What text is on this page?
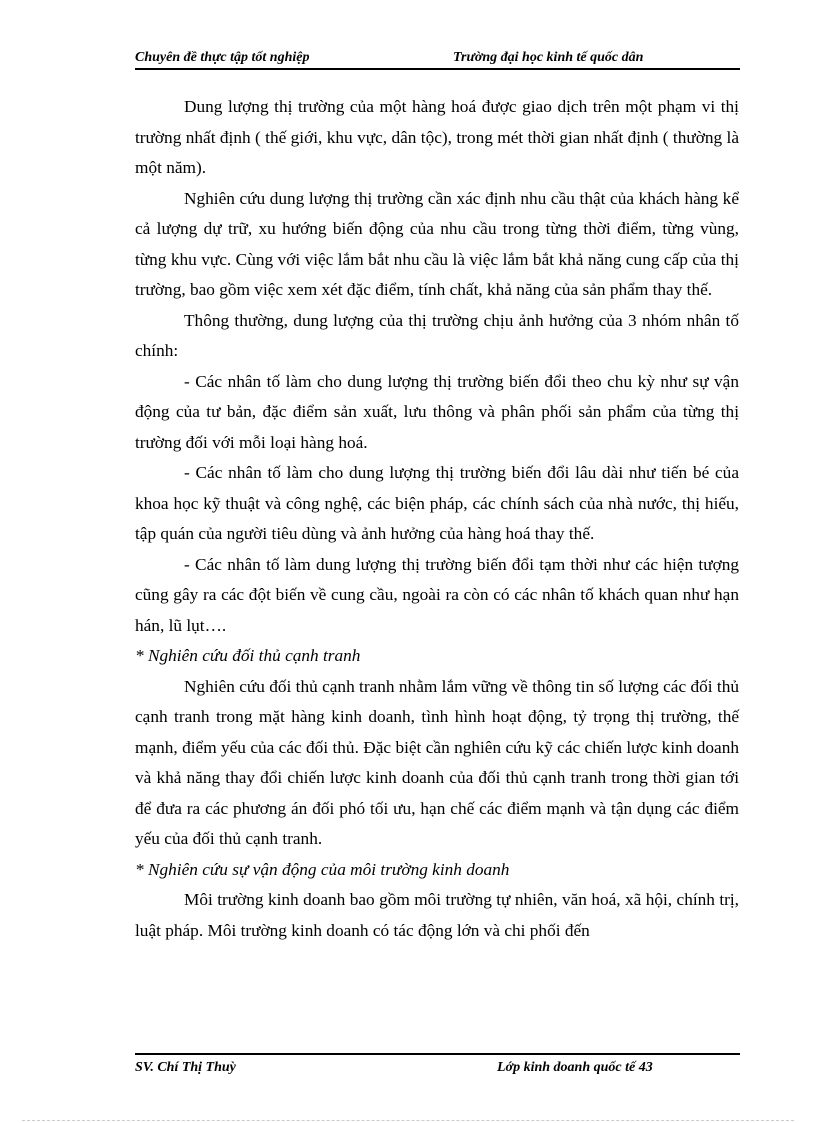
Chuyên đề thực tập tốt nghiệp	Trường đại học kinh tế quốc dân

Dung lượng thị trường của một hàng hoá được giao dịch trên một phạm vi thị trường nhất định ( thế giới, khu vực, dân tộc), trong mét thời gian nhất định ( thường là một năm).

Nghiên cứu dung lượng thị trường cần xác định nhu cầu thật của khách hàng kể cả lượng dự trữ, xu hướng biến động của nhu cầu trong từng thời điểm, từng vùng, từng khu vực. Cùng với việc lắm bắt nhu cầu là việc lắm bắt khả năng cung cấp của thị trường, bao gồm việc xem xét đặc điểm, tính chất, khả năng của sản phẩm thay thế.

Thông thường, dung lượng của thị trường chịu ảnh hưởng của 3 nhóm nhân tố chính:

- Các nhân tố làm cho dung lượng thị trường biến đổi theo chu kỳ như sự vận động của tư bản, đặc điểm sản xuất, lưu thông và phân phối sản phẩm của từng thị trường đối với mỗi loại hàng hoá.

- Các nhân tố làm cho dung lượng thị trường biến đổi lâu dài như tiến bé của khoa học kỹ thuật và công nghệ, các biện pháp, các chính sách của nhà nước, thị hiếu, tập quán của người tiêu dùng và ảnh hưởng của hàng hoá thay thế.

- Các nhân tố làm dung lượng thị trường biến đổi tạm thời như các hiện tượng cũng gây ra các đột biến về cung cầu, ngoài ra còn có các nhân tố khách quan như hạn hán, lũ lụt….

* Nghiên cứu đối thủ cạnh tranh

Nghiên cứu đối thủ cạnh tranh nhằm lắm vững về thông tin số lượng các đối thủ cạnh tranh trong mặt hàng kinh doanh, tình hình hoạt động, tỷ trọng thị trường, thế mạnh, điểm yếu của các đối thủ. Đặc biệt cần nghiên cứu kỹ các chiến lược kinh doanh và khả năng thay đổi chiến lược kinh doanh của đối thủ cạnh tranh trong thời gian tới để đưa ra các phương án đối phó tối ưu, hạn chế các điểm mạnh và tận dụng các điểm yếu của đối thủ cạnh tranh.

* Nghiên cứu sự vận động của môi trường kinh doanh

Môi trường kinh doanh bao gồm môi trường tự nhiên, văn hoá, xã hội, chính trị, luật pháp. Môi trường kinh doanh có tác động lớn và chi phối đến

SV. Chí Thị Thuỳ	Lớp kinh doanh quốc tế 43
